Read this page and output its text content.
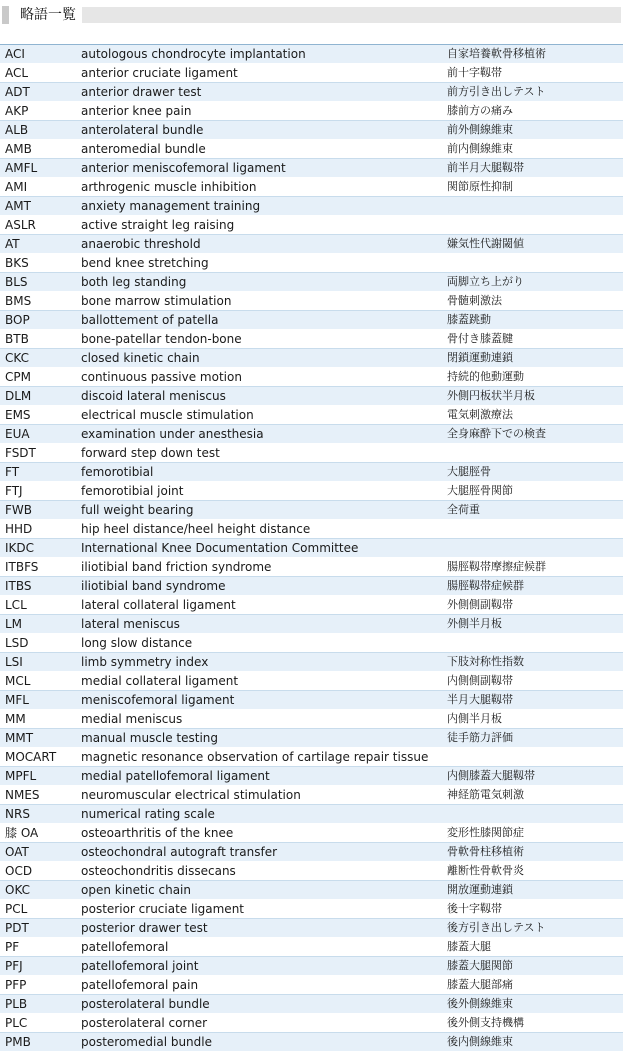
略語一覧
ACI	autologous chondrocyte implantation	自家培養軟骨移植術
ACL	anterior cruciate ligament	前十字靱帯
ADT	anterior drawer test	前方引き出しテスト
AKP	anterior knee pain	膝前方の痛み
ALB	anterolateral bundle	前外側線維束
AMB	anteromedial bundle	前内側線維束
AMFL	anterior meniscofemoral ligament	前半月大腿靱帯
AMI	arthrogenic muscle inhibition	関節原性抑制
AMT	anxiety management training
ASLR	active straight leg raising
AT	anaerobic threshold	嫌気性代謝閾値
BKS	bend knee stretching
BLS	both leg standing	両脚立ち上がり
BMS	bone marrow stimulation	骨髄刺激法
BOP	ballottement of patella	膝蓋跳動
BTB	bone-patellar tendon-bone	骨付き膝蓋腱
CKC	closed kinetic chain	閉鎖運動連鎖
CPM	continuous passive motion	持続的他動運動
DLM	discoid lateral meniscus	外側円板状半月板
EMS	electrical muscle stimulation	電気刺激療法
EUA	examination under anesthesia	全身麻酔下での検査
FSDT	forward step down test
FT	femorotibial	大腿脛骨
FTJ	femorotibial joint	大腿脛骨関節
FWB	full weight bearing	全荷重
HHD	hip heel distance/heel height distance
IKDC	International Knee Documentation Committee
ITBFS	iliotibial band friction syndrome	腸脛靱帯摩擦症候群
ITBS	iliotibial band syndrome	腸脛靱帯症候群
LCL	lateral collateral ligament	外側側副靱帯
LM	lateral meniscus	外側半月板
LSD	long slow distance
LSI	limb symmetry index	下肢対称性指数
MCL	medial collateral ligament	内側側副靱帯
MFL	meniscofemoral ligament	半月大腿靱帯
MM	medial meniscus	内側半月板
MMT	manual muscle testing	徒手筋力評価
MOCART	magnetic resonance observation of cartilage repair tissue
MPFL	medial patellofemoral ligament	内側膝蓋大腿靱帯
NMES	neuromuscular electrical stimulation	神経筋電気刺激
NRS	numerical rating scale
膝 OA	osteoarthritis of the knee	変形性膝関節症
OAT	osteochondral autograft transfer	骨軟骨柱移植術
OCD	osteochondritis dissecans	離断性骨軟骨炎
OKC	open kinetic chain	開放運動連鎖
PCL	posterior cruciate ligament	後十字靱帯
PDT	posterior drawer test	後方引き出しテスト
PF	patellofemoral	膝蓋大腿
PFJ	patellofemoral joint	膝蓋大腿関節
PFP	patellofemoral pain	膝蓋大腿部痛
PLB	posterolateral bundle	後外側線維束
PLC	posterolateral corner	後外側支持機構
PMB	posteromedial bundle	後内側線維束
